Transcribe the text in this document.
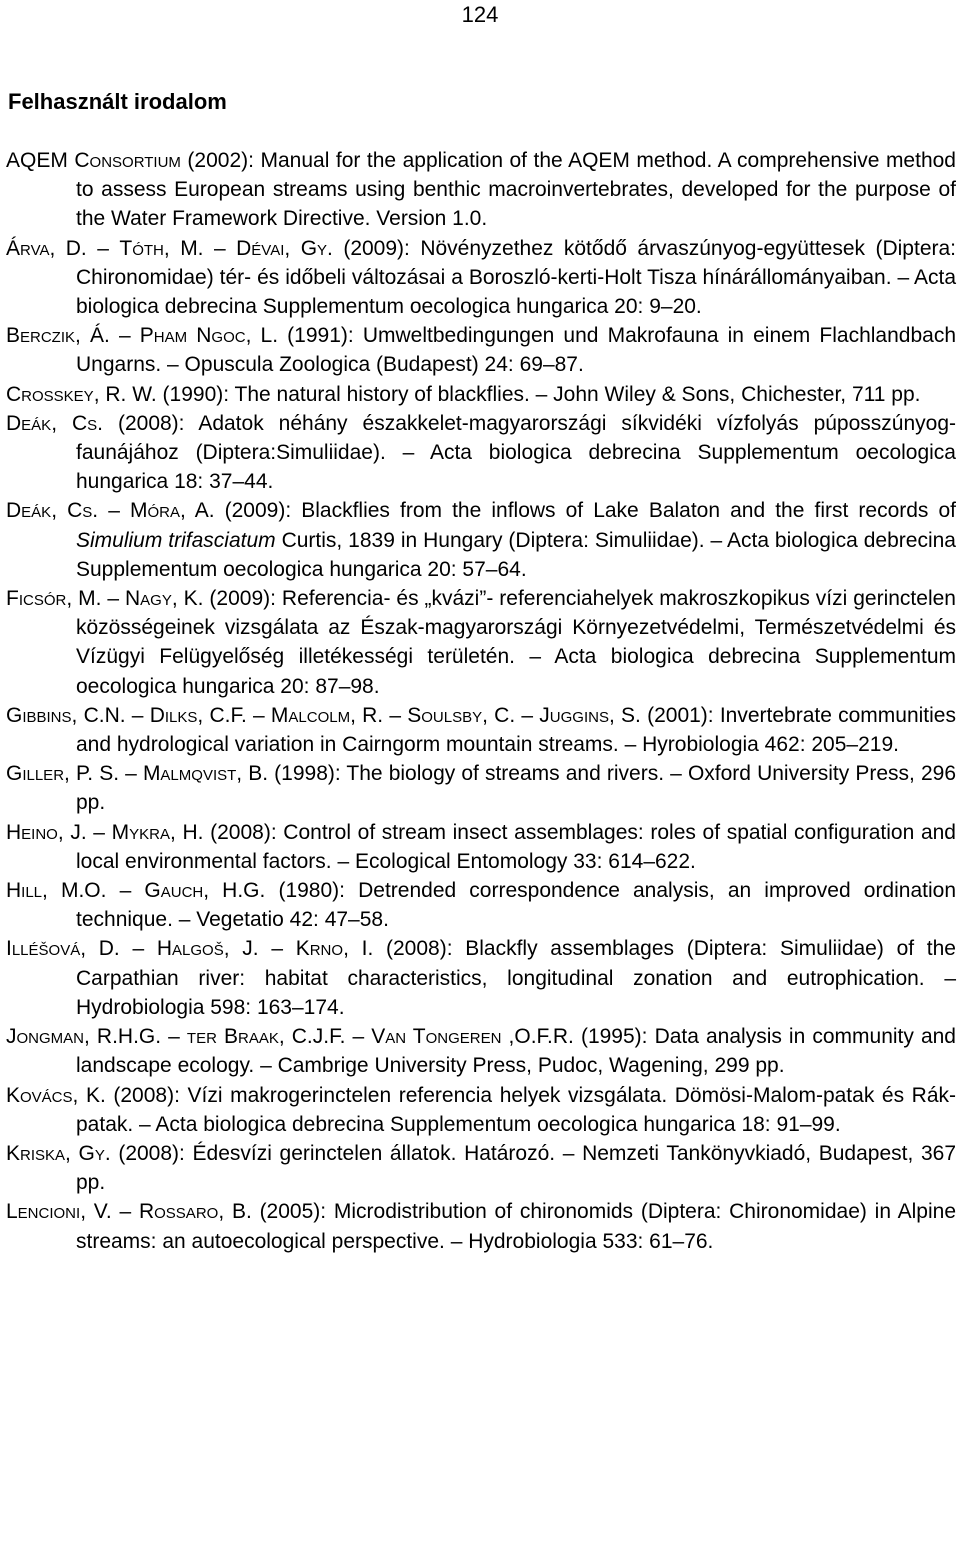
124
Felhasznált irodalom
AQEM Consortium (2002): Manual for the application of the AQEM method. A comprehensive method to assess European streams using benthic macroinvertebrates, developed for the purpose of the Water Framework Directive. Version 1.0.
Árva, D. – Tóth, M. – Dévai, Gy. (2009): Növényzethez kötődő árvaszúnyog-együttesek (Diptera: Chironomidae) tér- és időbeli változásai a Boroszló-kerti-Holt Tisza hínárállományaiban. – Acta biologica debrecina Supplementum oecologica hungarica 20: 9–20.
Berczik, Á. – Pham Ngoc, L. (1991): Umweltbedingungen und Makrofauna in einem Flachlandbach Ungarns. – Opuscula Zoologica (Budapest) 24: 69–87.
Crosskey, R. W. (1990): The natural history of blackflies. – John Wiley & Sons, Chichester, 711 pp.
Deák, Cs. (2008): Adatok néhány északkelet-magyarországi síkvidéki vízfolyás púposszúnyog-faunájához (Diptera:Simuliidae). – Acta biologica debrecina Supplementum oecologica hungarica 18: 37–44.
Deák, Cs. – Móra, A. (2009): Blackflies from the inflows of Lake Balaton and the first records of Simulium trifasciatum Curtis, 1839 in Hungary (Diptera: Simuliidae). – Acta biologica debrecina Supplementum oecologica hungarica 20: 57–64.
Ficsór, M. – Nagy, K. (2009): Referencia- és „kvázi”- referenciahelyek makroszkopikus vízi gerinctelen közösségeinek vizsgálata az Észak-magyarországi Környezetvédelmi, Természetvédelmi és Vízügyi Felügyelőség illetékességi területén. – Acta biologica debrecina Supplementum oecologica hungarica 20: 87–98.
Gibbins, C.N. – Dilks, C.F. – Malcolm, R. – Soulsby, C. – Juggins, S. (2001): Invertebrate communities and hydrological variation in Cairngorm mountain streams. – Hyrobiologia 462: 205–219.
Giller, P. S. – Malmqvist, B. (1998): The biology of streams and rivers. – Oxford University Press, 296 pp.
Heino, J. – Mykra, H. (2008): Control of stream insect assemblages: roles of spatial configuration and local environmental factors. – Ecological Entomology 33: 614–622.
Hill, M.O. – Gauch, H.G. (1980): Detrended correspondence analysis, an improved ordination technique. – Vegetatio 42: 47–58.
Illéšová, D. – Halgoš, J. – Krno, I. (2008): Blackfly assemblages (Diptera: Simuliidae) of the Carpathian river: habitat characteristics, longitudinal zonation and eutrophication. – Hydrobiologia 598: 163–174.
Jongman, R.H.G. – ter Braak, C.J.F. – Van Tongeren ,O.F.R. (1995): Data analysis in community and landscape ecology. – Cambrige University Press, Pudoc, Wagening, 299 pp.
Kovács, K. (2008): Vízi makrogerinctelen referencia helyek vizsgálata. Dömösi-Malom-patak és Rák-patak. – Acta biologica debrecina Supplementum oecologica hungarica 18: 91–99.
Kriska, Gy. (2008): Édesvízi gerinctelen állatok. Határozó. – Nemzeti Tankönyvkiadó, Budapest, 367 pp.
Lencioni, V. – Rossaro, B. (2005): Microdistribution of chironomids (Diptera: Chironomidae) in Alpine streams: an autoecological perspective. – Hydrobiologia 533: 61–76.
